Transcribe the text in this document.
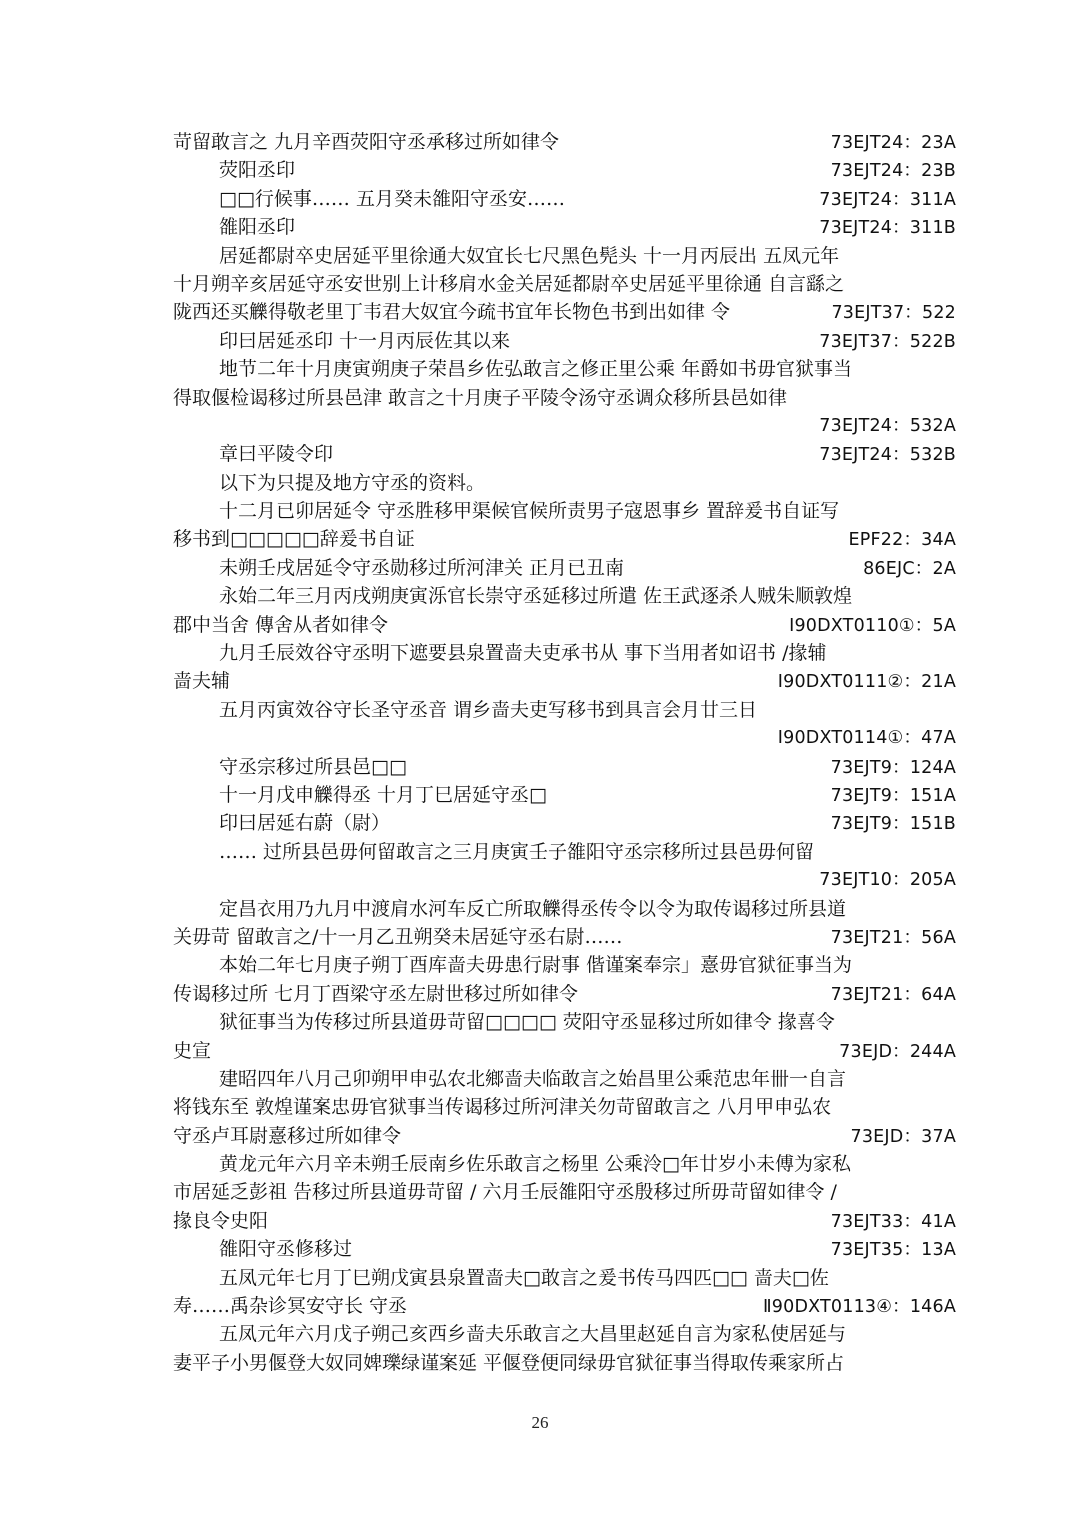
苛留敢言之 九月辛酉荧阳守丞承移过所如律令	73EJT24：23A
荧阳丞印	73EJT24：23B
□□行候事…… 五月癸未雒阳守丞安……	73EJT24：311A
雒阳丞印	73EJT24：311B
居延都尉卒史居延平里徐通大奴宜长七尺黑色髡头 十一月丙辰出 五凤元年
十月朔辛亥居延守丞安世别上计移肩水金关居延都尉卒史居延平里徐通 自言繇之
陇西还买觻得敬老里丁韦君大奴宜今疏书宜年长物色书到出如律 令	73EJT37：522
印曰居延丞印 十一月丙辰佐其以来	73EJT37：522B
地节二年十月庚寅朔庚子荣昌乡佐弘敢言之修正里公乘 年爵如书毋官狱事当
得取偃检谒移过所县邑津 敢言之十月庚子平陵令汤守丞调众移所县邑如律
73EJT24：532A
章曰平陵令印	73EJT24：532B
以下为只提及地方守丞的资料。
十二月已卯居延令 守丞胜移甲渠候官候所责男子寇恩事乡 置辞爰书自证写
移书到□□□□□辞爰书自证	EPF22：34A
未朔壬戌居延令守丞勋移过所河津关 正月已丑南	86EJC：2A
永始二年三月丙戌朔庚寅泺官长崇守丞延移过所遣 佐王武逐杀人贼朱顺敦煌
郡中当舍 傳舍从者如律令	Ⅰ90DXT0110①：5A
九月壬辰效谷守丞明下遮要县泉置啬夫吏承书从 事下当用者如诏书 /掾辅
啬夫辅	Ⅰ90DXT0111②：21A
五月丙寅效谷守长圣守丞音 谓乡啬夫吏写移书到具言会月廿三日
Ⅰ90DXT0114①：47A
守丞宗移过所县邑□□	73EJT9：124A
十一月戊申觻得丞 十月丁巳居延守丞□	73EJT9：151A
印曰居延右蔚（尉）	73EJT9：151B
…… 过所县邑毋何留敢言之三月庚寅壬子雒阳守丞宗移所过县邑毋何留
73EJT10：205A
定昌衣用乃九月中渡肩水河车反亡所取觻得丞传令以令为取传谒移过所县道
关毋苛 留敢言之/十一月乙丑朔癸未居延守丞右尉……	73EJT21：56A
本始二年七月庚子朔丁酉库啬夫毋患行尉事 偕谨案奉宗」憙毋官狱征事当为
传谒移过所 七月丁酉梁守丞左尉世移过所如律令	73EJT21：64A
狱征事当为传移过所县道毋苛留□□□□ 荧阳守丞显移过所如律令 掾喜令
史宣	73EJD：244A
建昭四年八月己卯朔甲申弘农北鄉啬夫临敢言之始昌里公乘范忠年卌一自言
将钱东至 敦煌谨案忠毋官狱事当传谒移过所河津关勿苛留敢言之 八月甲申弘农
守丞卢耳尉憙移过所如律令	73EJD：37A
黄龙元年六月辛未朔壬辰南乡佐乐敢言之杨里 公乘泠□年廿岁小未傅为家私
市居延乏彭祖 告移过所县道毋苛留 / 六月壬辰雒阳守丞殷移过所毋苛留如律令 /
掾良令史阳	73EJT33：41A
雒阳守丞修移过	73EJT35：13A
五凤元年七月丁巳朔戊寅县泉置啬夫□敢言之爰书传马四匹□□ 啬夫□佐
寿……禹杂诊冥安守长 守丞	Ⅱ90DXT0113④：146A
五凤元年六月戊子朔己亥西乡啬夫乐敢言之大昌里赵延自言为家私使居延与
妻平子小男偃登大奴同婢瓅绿谨案延 平偃登便同绿毋官狱征事当得取传乘家所占
26
